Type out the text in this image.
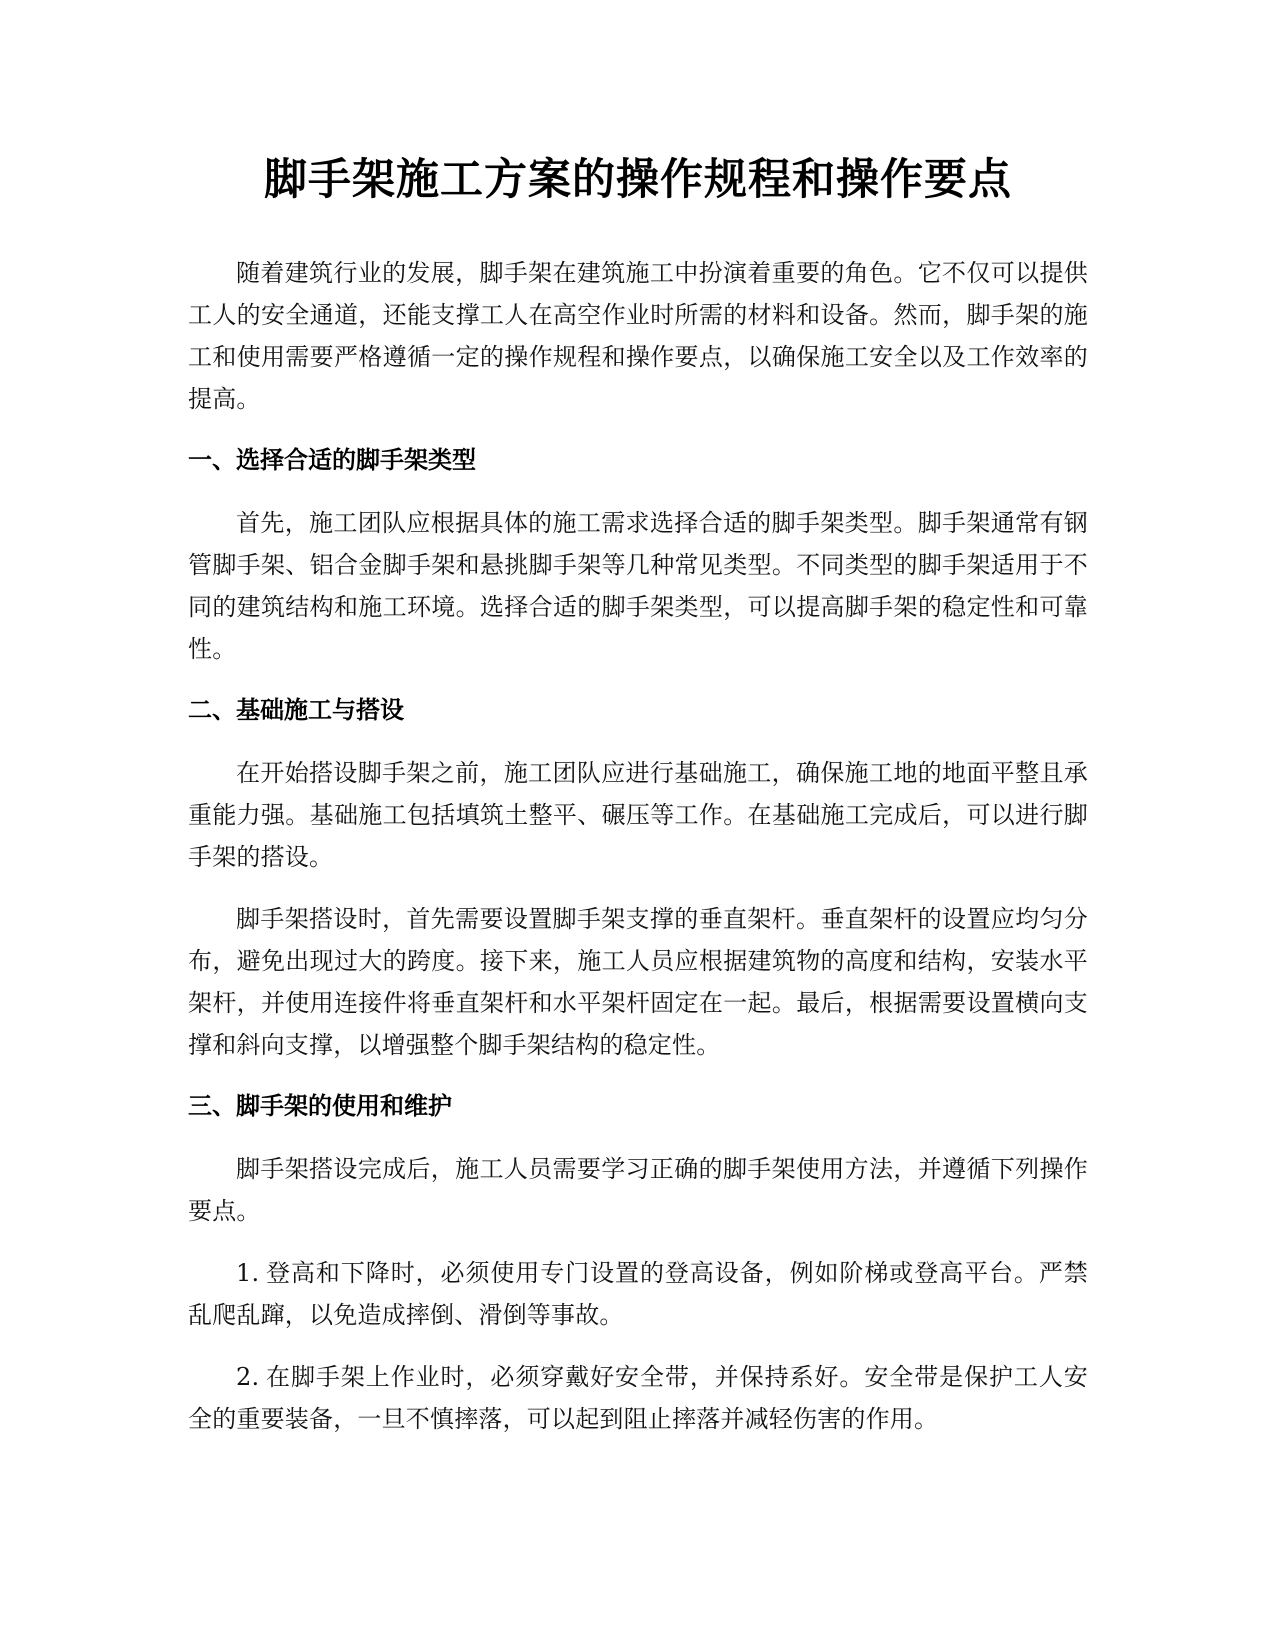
脚手架施工方案的操作规程和操作要点

随着建筑行业的发展，脚手架在建筑施工中扮演着重要的角色。它不仅可以提供工人的安全通道，还能支撑工人在高空作业时所需的材料和设备。然而，脚手架的施工和使用需要严格遵循一定的操作规程和操作要点，以确保施工安全以及工作效率的提高。

一、选择合适的脚手架类型

首先，施工团队应根据具体的施工需求选择合适的脚手架类型。脚手架通常有钢管脚手架、铝合金脚手架和悬挑脚手架等几种常见类型。不同类型的脚手架适用于不同的建筑结构和施工环境。选择合适的脚手架类型，可以提高脚手架的稳定性和可靠性。

二、基础施工与搭设

在开始搭设脚手架之前，施工团队应进行基础施工，确保施工地的地面平整且承重能力强。基础施工包括填筑土整平、碾压等工作。在基础施工完成后，可以进行脚手架的搭设。

脚手架搭设时，首先需要设置脚手架支撑的垂直架杆。垂直架杆的设置应均匀分布，避免出现过大的跨度。接下来，施工人员应根据建筑物的高度和结构，安装水平架杆，并使用连接件将垂直架杆和水平架杆固定在一起。最后，根据需要设置横向支撑和斜向支撑，以增强整个脚手架结构的稳定性。

三、脚手架的使用和维护

脚手架搭设完成后，施工人员需要学习正确的脚手架使用方法，并遵循下列操作要点。

1. 登高和下降时，必须使用专门设置的登高设备，例如阶梯或登高平台。严禁乱爬乱蹿，以免造成摔倒、滑倒等事故。

2. 在脚手架上作业时，必须穿戴好安全带，并保持系好。安全带是保护工人安全的重要装备，一旦不慎摔落，可以起到阻止摔落并减轻伤害的作用。
